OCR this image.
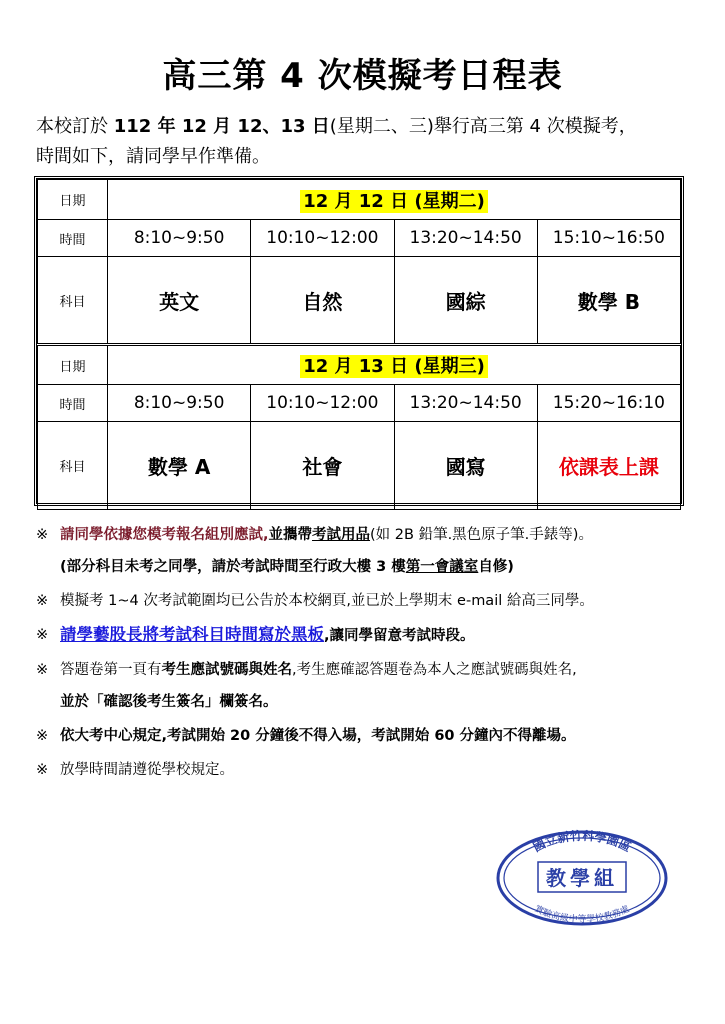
高三第 4 次模擬考日程表
本校訂於 112 年 12 月 12、13 日(星期二、三)舉行高三第 4 次模擬考，
時間如下，請同學早作準備。
日期	12 月 12 日 (星期二)			
時間	8:10~9:50	10:10~12:00	13:20~14:50	15:10~16:50
科目	英文	自然	國綜	數學 B
日期	12 月 13 日 (星期三)			
時間	8:10~9:50	10:10~12:00	13:20~14:50	15:20~16:10
科目	數學 A	社會	國寫	依課表上課
※ 請同學依據您模考報名組別應試,並攜帶考試用品(如 2B 鉛筆.黑色原子筆.手錶等)。
(部分科目未考之同學，請於考試時間至行政大樓 3 樓第一會議室自修)
※ 模擬考 1~4 次考試範圍均已公告於本校網頁,並已於上學期末 e-mail 給高三同學。
※ 請學藝股長將考試科目時間寫於黑板,讓同學留意考試時段。
※ 答題卷第一頁有考生應試號碼與姓名,考生應確認答題卷為本人之應試號碼與姓名,
並於「確認後考生簽名」欄簽名。
※ 依大考中心規定,考試開始 20 分鐘後不得入場，考試開始 60 分鐘內不得離場。
※ 放學時間請遵從學校規定。
國立新竹科學園區
教學組
實驗高級中等學校教務處
